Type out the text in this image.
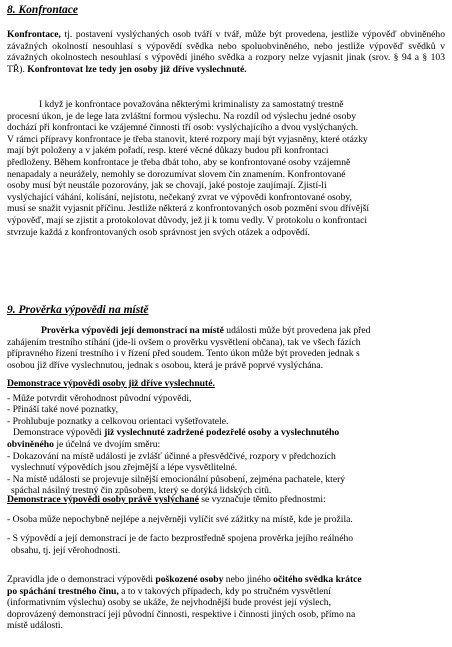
8. Konfrontace
Konfrontace, tj. postavení vyslýchaných osob tváří v tvář, může být provedena, jestliže výpověď obviněného závažných okolností nesouhlasí s výpovědí svědka nebo spoluobviněného, nebo jestliže výpověď svědků v závažných okolnostech nesouhlasí s výpovědí jiného svědka a rozpory nelze vyjasnit jinak (srov. § 94 a § 103 TŘ). Konfrontovat lze tedy jen osoby již dříve vyslechnuté.
I když je konfrontace považována některými kriminalisty za samostatný trestně
procesní úkon, je de lege lata zvláštní formou výslechu. Na rozdíl od výslechu jedné osoby
dochází při konfrontaci ke vzájemné činnosti tří osob: vyslýchajícího a dvou vyslýchaných.
V rámci přípravy konfrontace je třeba stanovit, které rozpory mají být vyjasněny, které otázky
mají být položeny a v jakém pořadí, resp. které věcné důkazy budou při konfrontaci
předloženy. Během konfrontace je třeba dbát toho, aby se konfrontované osoby vzájemně
nenapadaly a neurážely, nemohly se dorozumívat slovem čin znamením. Konfrontované
osoby musí být neustále pozorovány, jak se chovají, jaké postoje zaujímají. Zjistí-li
vyslýchající váhání, kolísání, nejistotu, nečekaný zvrat ve výpovědi konfrontované osoby,
musí se snažit vyjasnit příčinu. Jestliže některá z konfrontovaných osob pozmění svou dřívější
výpověď, mají se zjistit a protokolovat důvody, jež ji k tomu vedly. V protokolu o konfrontaci
stvrzuje každá z konfrontovaných osob správnost jen svých otázek a odpovědí.
9. Prověrka výpovědi na místě
Prověrka výpovědi její demonstrací na místě události může být provedena jak před
zahájením trestního stíhání (jde-li ovšem o prověrku vysvětlení občana), tak ve všech fázích
přípravného řízení trestního i v řízení před soudem. Tento úkon může být proveden jednak s
osobou již dříve vyslechnutou, jednak s osobou, která je právě poprvé vyslýchána.
Demonstrace výpovědi osoby již dříve vyslechnuté.
- Může potvrdit věrohodnost původní výpovědi,
- Přináší také nové poznatky,
- Prohlubuje poznatky a celkovou orientaci vyšetřovatele.
Demonstrace výpovědi již vyslechnuté zadržené podezřelé osoby a vyslechnutého
obviněného je účelná ve dvojím směru:
- Dokazování na místě události je zvlášť účinné a přesvědčivé, rozpory v předchozích
vyslechnutí výpovědích jsou zřejmější a lépe vysvětlitelné.
- Na místě události se projevuje silnější emocionální působení, zejména pachatele, který
spáchal násilný trestný čin způsobem, který se dotýká lidských citů.
Demonstrace výpovědi osoby právě vyslýchané se vyznačuje těmito přednostmi:
- Osoba může nepochybně nejlépe a nejvěrněji vylíčit své zážitky na místě, kde je prožila.
- S výpovědí a její demonstrací je de facto bezprostředně spojena prověrka jejího reálného
obsahu, tj. její věrohodnosti.
Zpravidla jde o demonstraci výpovědi poškozené osoby nebo jiného očitého svědka krátce
po spáchání trestného činu, a to v takových případech, kdy po stručném vysvětlení
(informativním výslechu) osoby se ukáže, že nejvhodnější bude provést její výslech,
doprovázený demonstrací její původní činnosti, respektive i činnosti jiných osob, přímo na
místě události.
